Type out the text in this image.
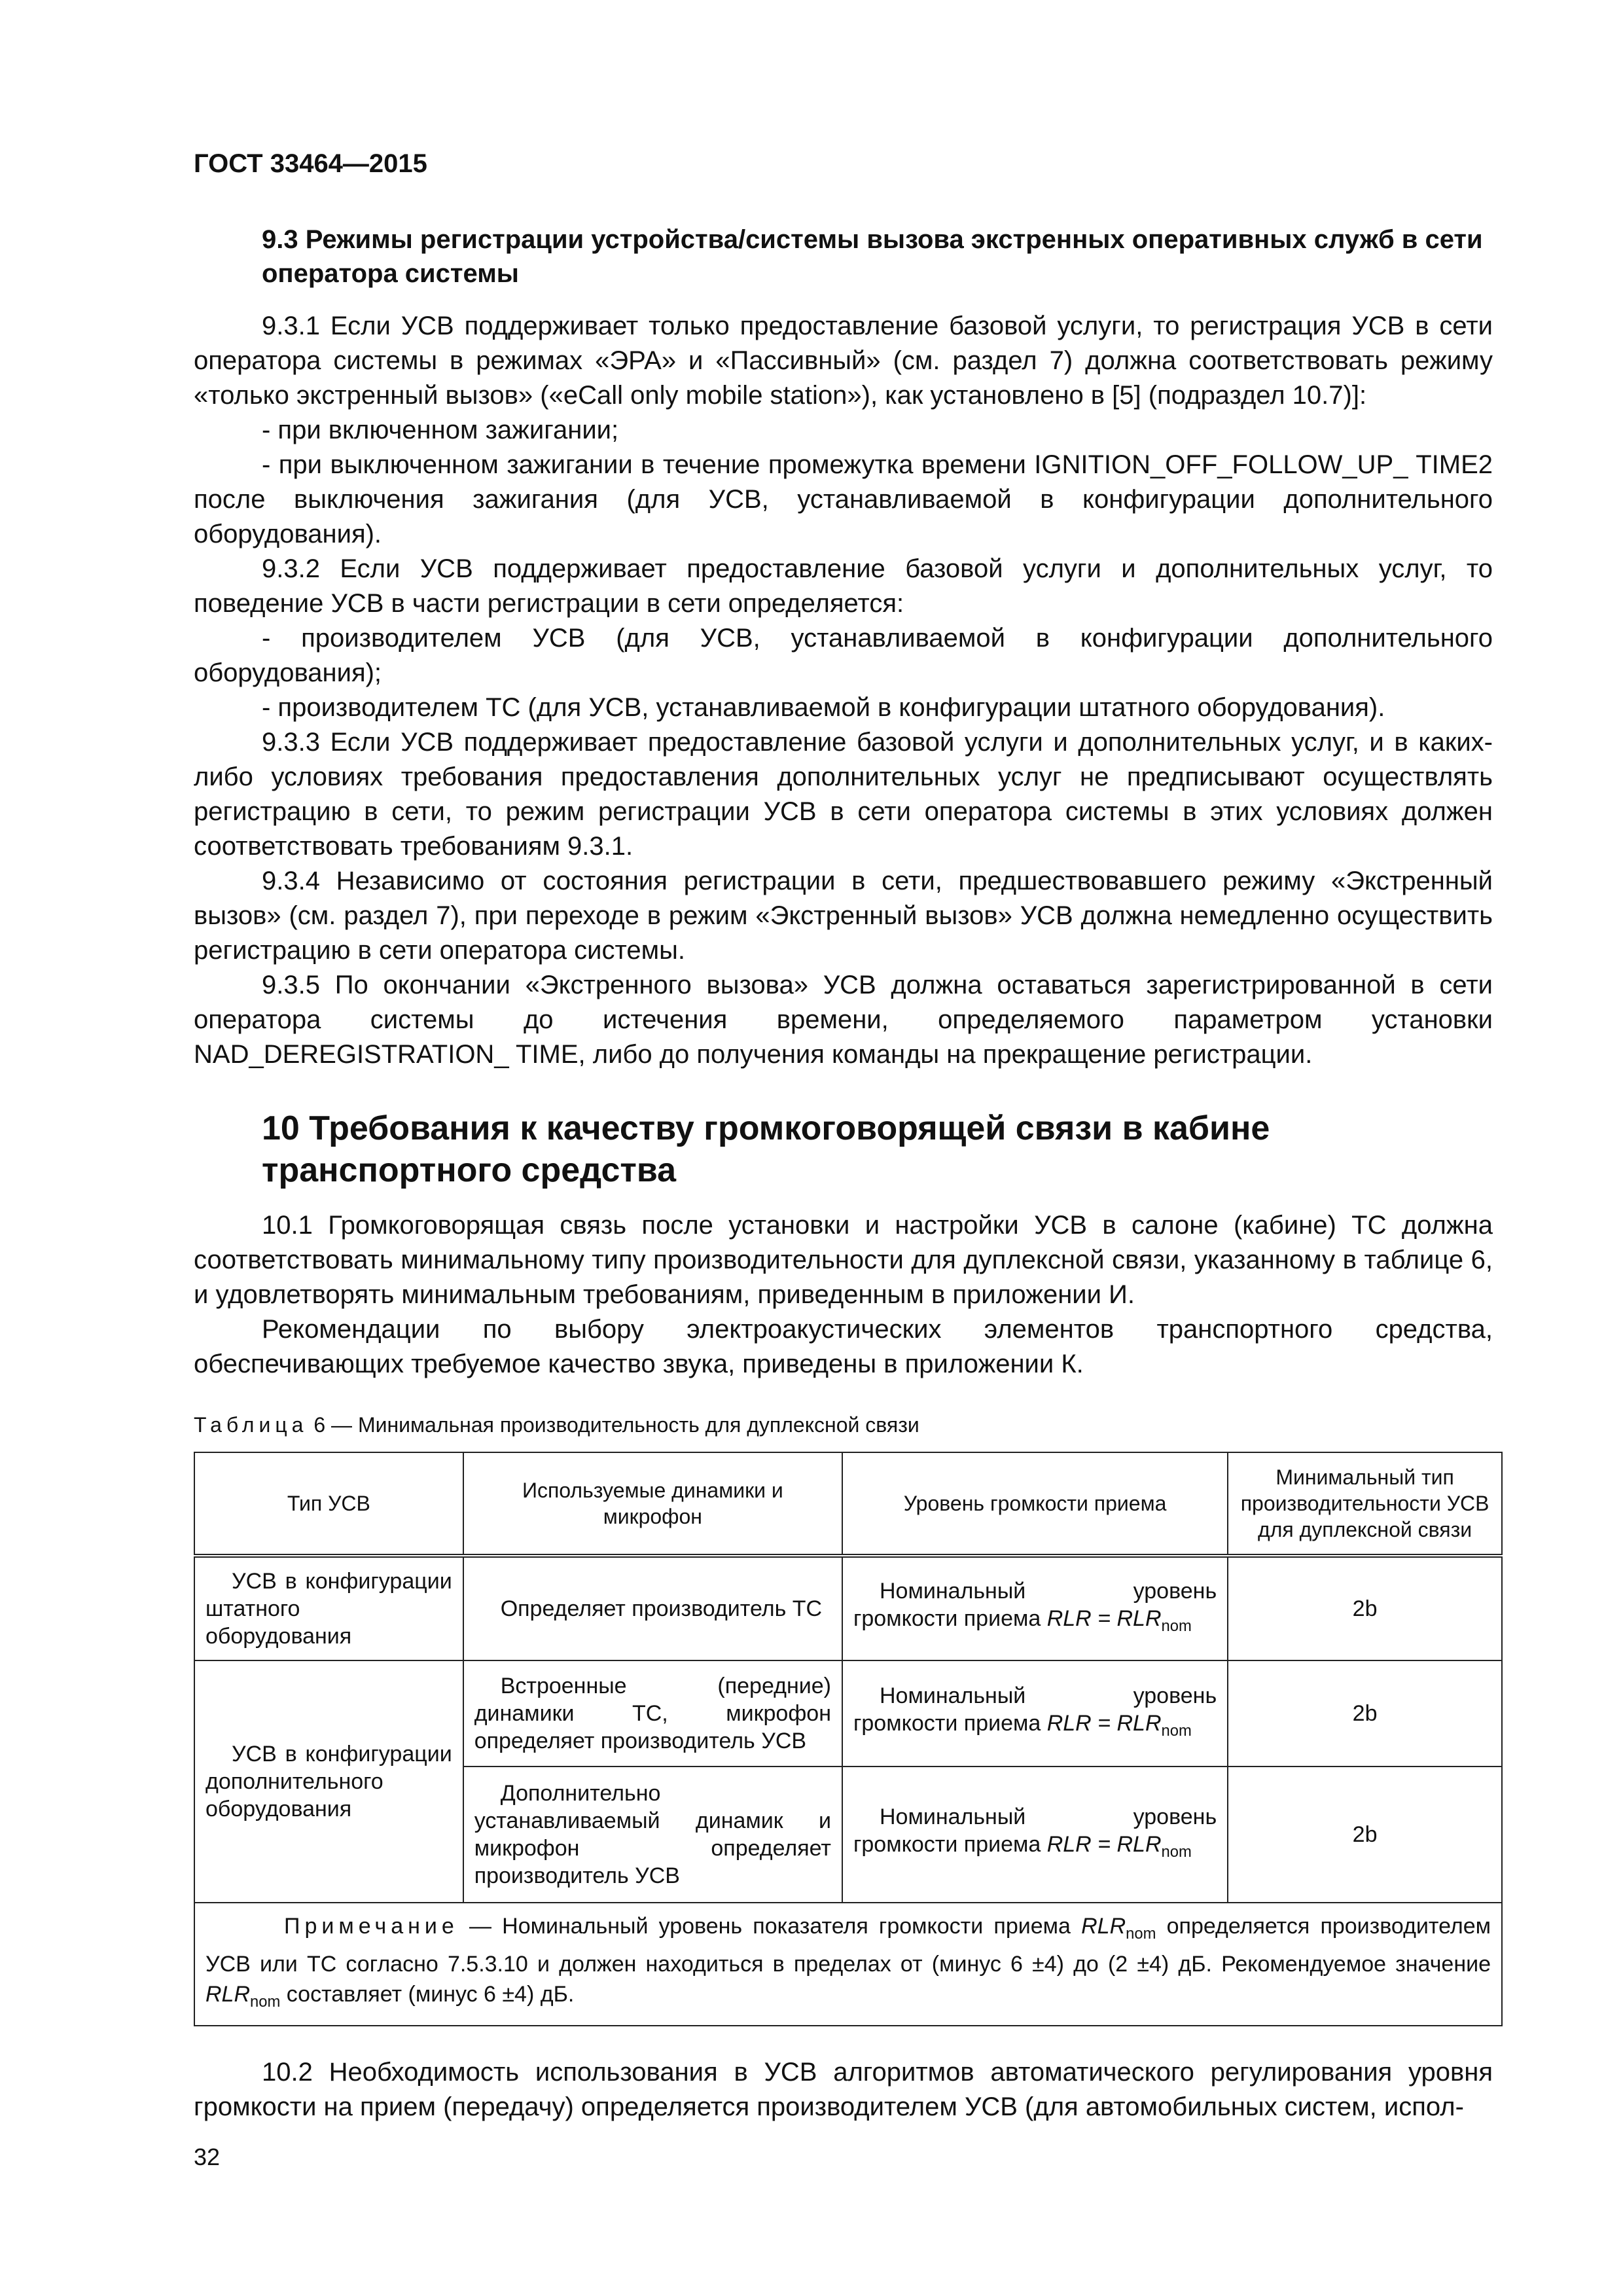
ГОСТ 33464—2015

9.3 Режимы регистрации устройства/системы вызова экстренных оперативных служб в сети оператора системы

9.3.1 Если УСВ поддерживает только предоставление базовой услуги, то регистрация УСВ в сети оператора системы в режимах «ЭРА» и «Пассивный» (см. раздел 7) должна соответствовать режиму «только экстренный вызов» («eCall only mobile station»), как установлено в [5] (подраздел 10.7)]:

- при включенном зажигании;

- при выключенном зажигании в течение промежутка времени IGNITION_OFF_FOLLOW_UP_ TIME2 после выключения зажигания (для УСВ, устанавливаемой в конфигурации дополнительного оборудования).

9.3.2 Если УСВ поддерживает предоставление базовой услуги и дополнительных услуг, то поведение УСВ в части регистрации в сети определяется:

- производителем УСВ (для УСВ, устанавливаемой в конфигурации дополнительного оборудования);

- производителем ТС (для УСВ, устанавливаемой в конфигурации штатного оборудования).

9.3.3 Если УСВ поддерживает предоставление базовой услуги и дополнительных услуг, и в каких-либо условиях требования предоставления дополнительных услуг не предписывают осуществлять регистрацию в сети, то режим регистрации УСВ в сети оператора системы в этих условиях должен соответствовать требованиям 9.3.1.

9.3.4 Независимо от состояния регистрации в сети, предшествовавшего режиму «Экстренный вызов» (см. раздел 7), при переходе в режим «Экстренный вызов» УСВ должна немедленно осуществить регистрацию в сети оператора системы.

9.3.5 По окончании «Экстренного вызова» УСВ должна оставаться зарегистрированной в сети оператора системы до истечения времени, определяемого параметром установки NAD_DEREGISTRATION_ TIME, либо до получения команды на прекращение регистрации.

10 Требования к качеству громкоговорящей связи в кабине транспортного средства

10.1 Громкоговорящая связь после установки и настройки УСВ в салоне (кабине) ТС должна соответствовать минимальному типу производительности для дуплексной связи, указанному в таблице 6, и удовлетворять минимальным требованиям, приведенным в приложении И.

Рекомендации по выбору электроакустических элементов транспортного средства, обеспечивающих требуемое качество звука, приведены в приложении К.

Таблица 6 — Минимальная производительность для дуплексной связи

Тип УСВ	Используемые динамики и микрофон	Уровень громкости приема	Минимальный тип производительности УСВ для дуплексной связи
УСВ в конфигурации штатного оборудования	Определяет производитель ТС	Номинальный уровень громкости приема RLR = $RLR_{nom}$	2b
УСВ в конфигурации дополнительного оборудования	Встроенные (передние) динамики ТС, микрофон определяет производитель УСВ	Номинальный уровень громкости приема RLR = $RLR_{nom}$	2b
	Дополнительно устанавливаемый динамик и микрофон определяет производитель УСВ	Номинальный уровень громкости приема RLR = $RLR_{nom}$	2b
Примечание — Номинальный уровень показателя громкости приема $RLR_{nom}$ определяется производителем УСВ или ТС согласно 7.5.3.10 и должен находиться в пределах от (минус 6 ±4) до (2 ±4) дБ. Рекомендуемое значение $RLR_{nom}$ составляет (минус 6 ±4) дБ.			

10.2 Необходимость использования в УСВ алгоритмов автоматического регулирования уровня громкости на прием (передачу) определяется производителем УСВ (для автомобильных систем, испол-

32
